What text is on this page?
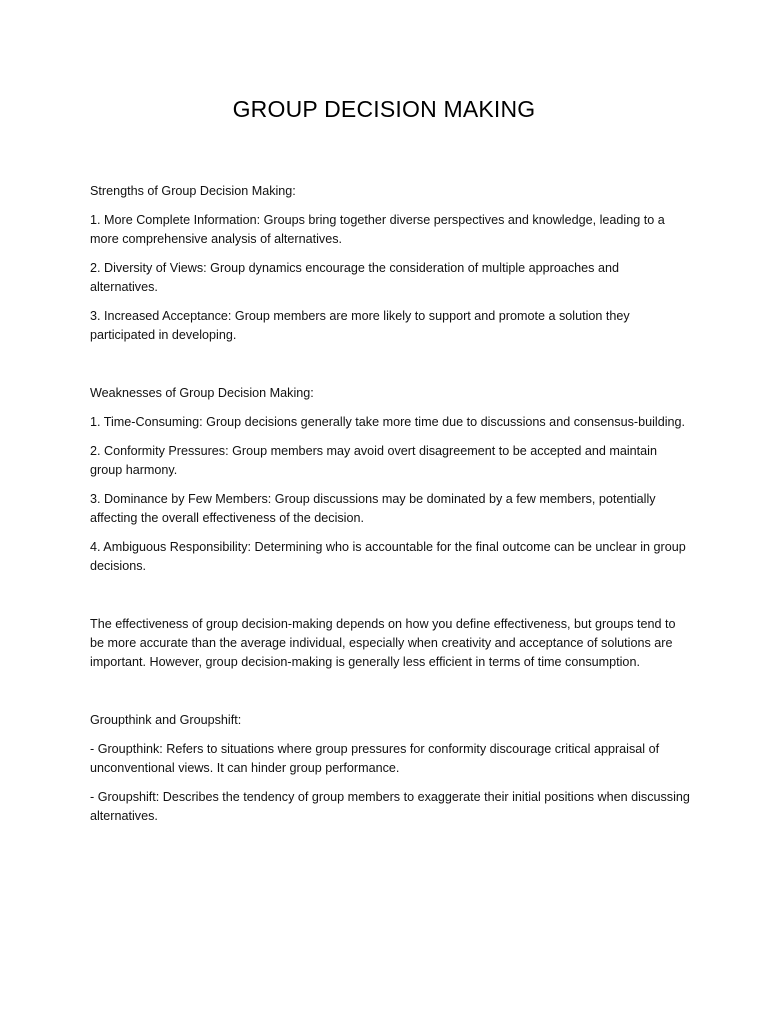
GROUP DECISION MAKING

Strengths of Group Decision Making:

1. More Complete Information: Groups bring together diverse perspectives and knowledge, leading to a more comprehensive analysis of alternatives.

2. Diversity of Views: Group dynamics encourage the consideration of multiple approaches and alternatives.

3. Increased Acceptance: Group members are more likely to support and promote a solution they participated in developing.

Weaknesses of Group Decision Making:

1. Time-Consuming: Group decisions generally take more time due to discussions and consensus-building.

2. Conformity Pressures: Group members may avoid overt disagreement to be accepted and maintain group harmony.

3. Dominance by Few Members: Group discussions may be dominated by a few members, potentially affecting the overall effectiveness of the decision.

4. Ambiguous Responsibility: Determining who is accountable for the final outcome can be unclear in group decisions.

The effectiveness of group decision-making depends on how you define effectiveness, but groups tend to be more accurate than the average individual, especially when creativity and acceptance of solutions are important. However, group decision-making is generally less efficient in terms of time consumption.

Groupthink and Groupshift:

- Groupthink: Refers to situations where group pressures for conformity discourage critical appraisal of unconventional views. It can hinder group performance.

- Groupshift: Describes the tendency of group members to exaggerate their initial positions when discussing alternatives.
